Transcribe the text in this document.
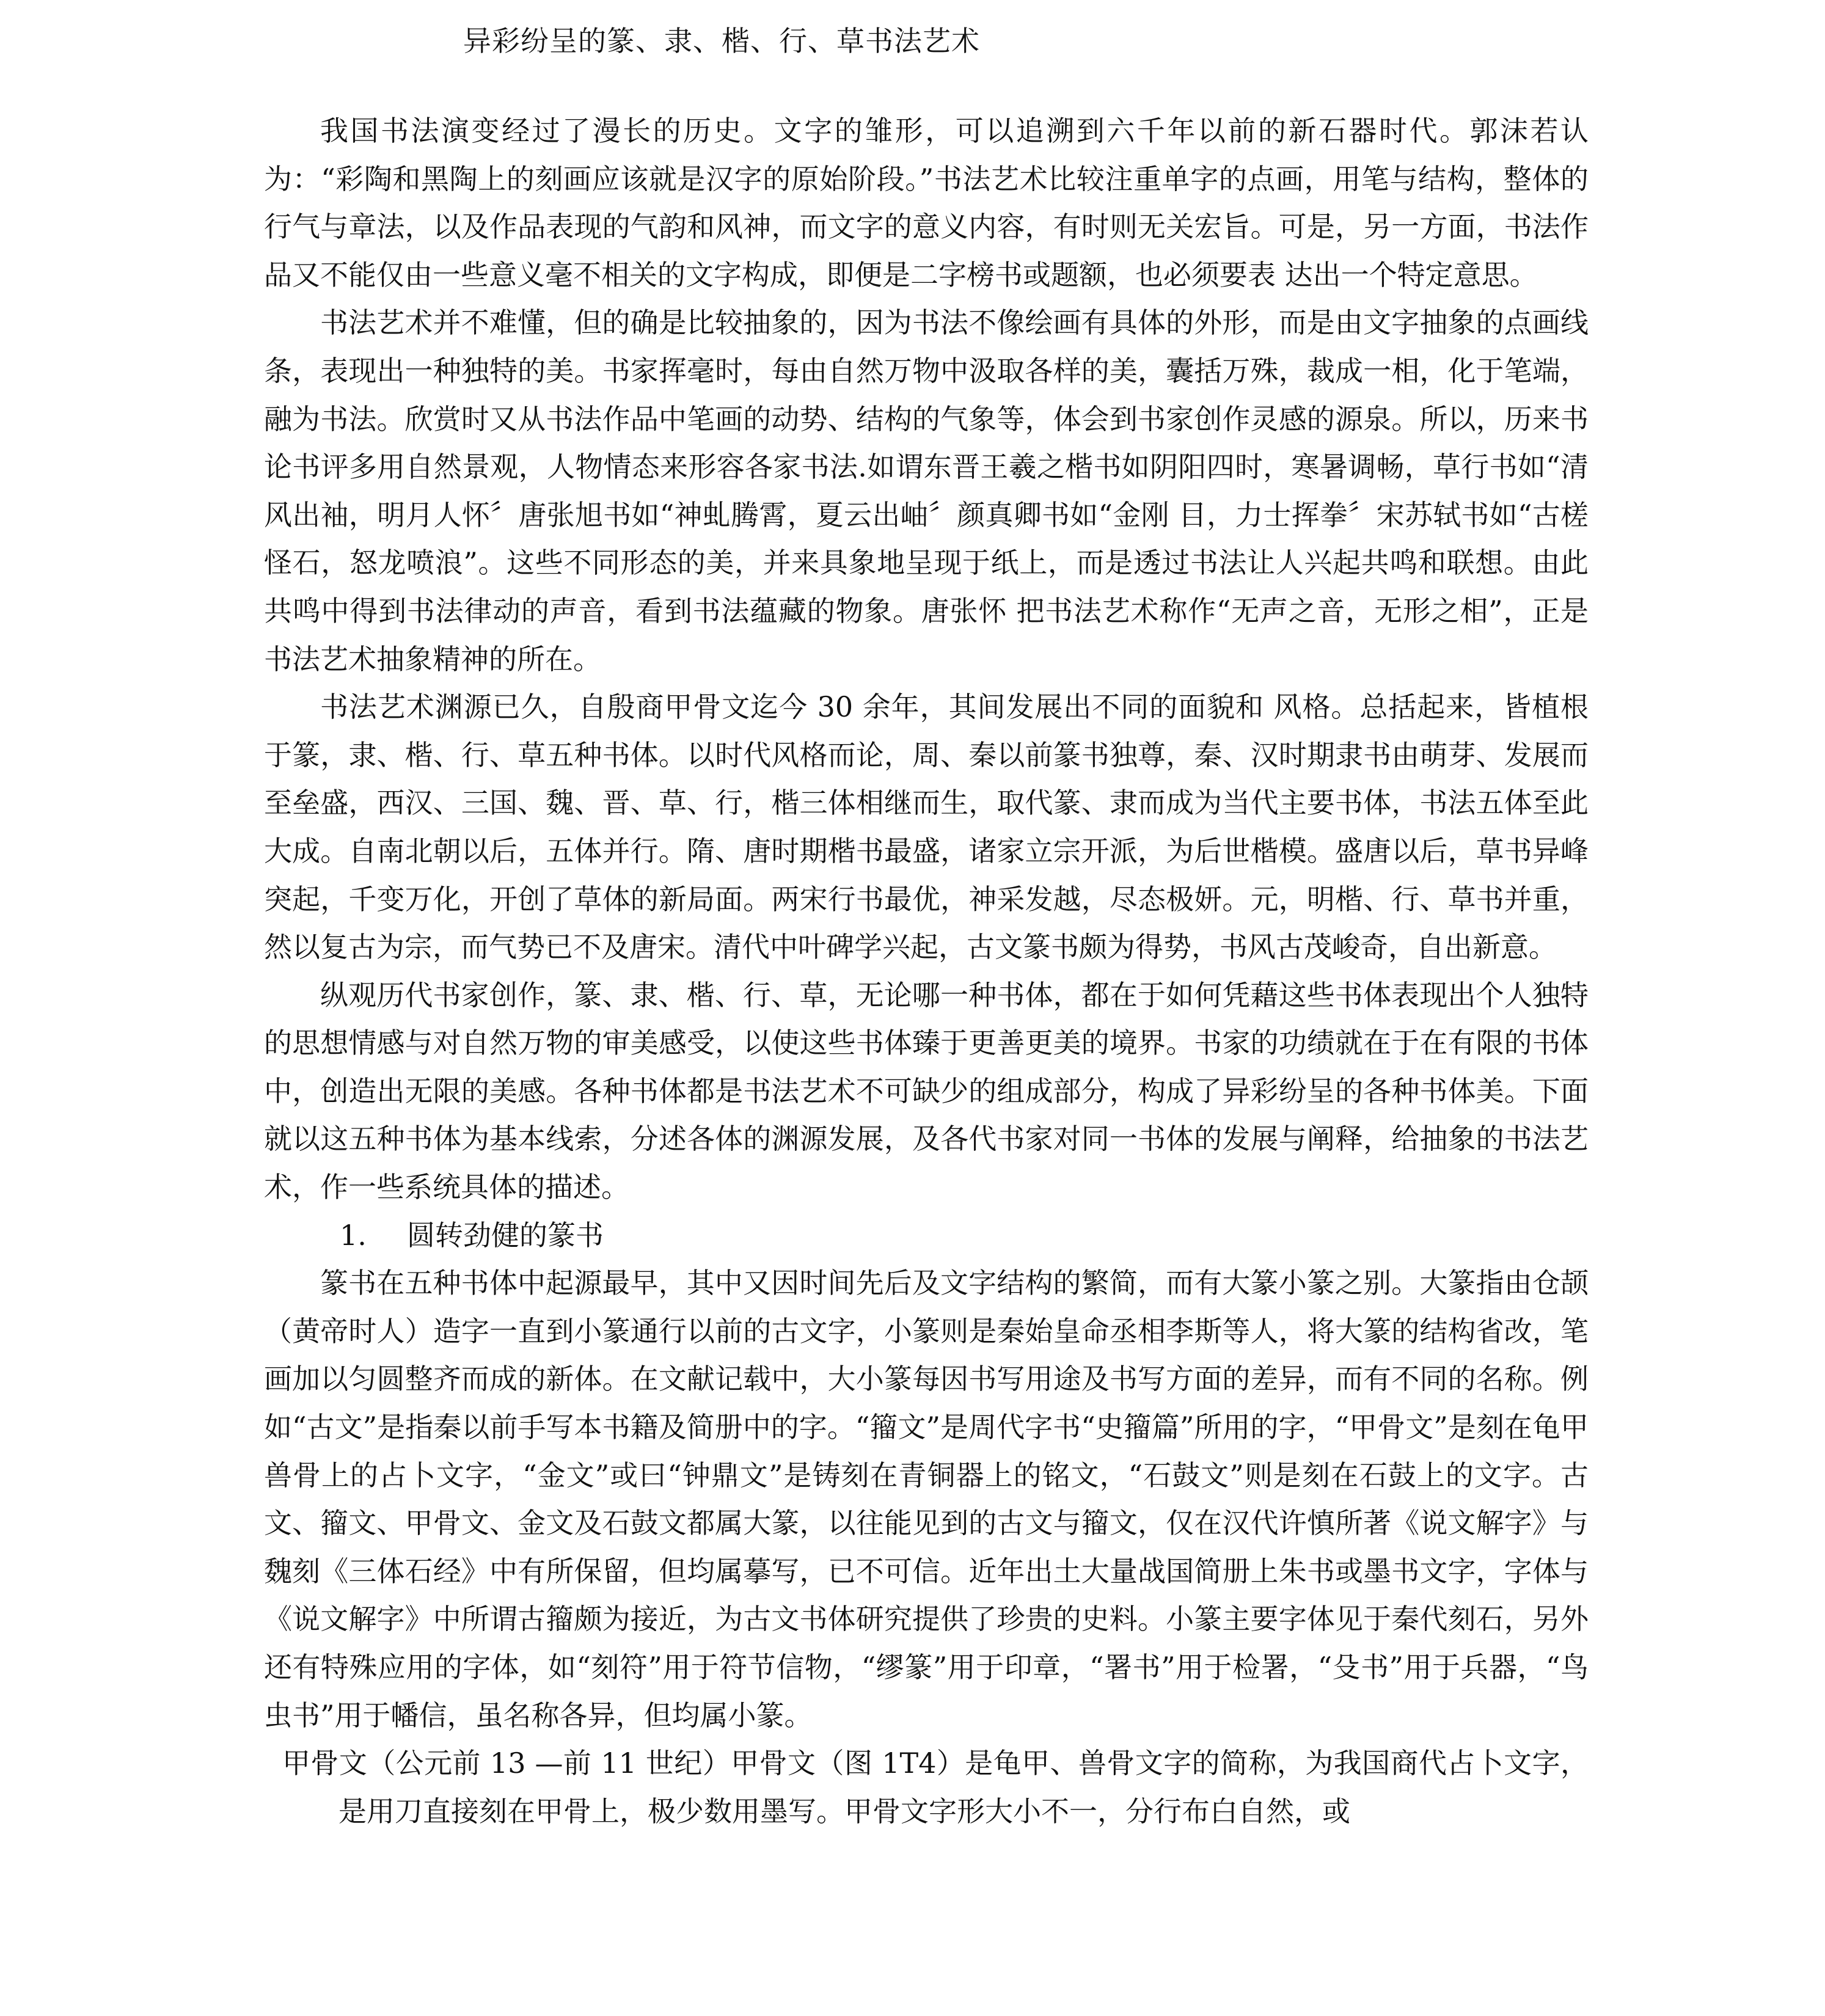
异彩纷呈的篆、隶、楷、行、草书法艺术

我国书法演变经过了漫长的历史。文字的雏形，可以追溯到六千年以前的新石器时代。郭沫若认为：“彩陶和黑陶上的刻画应该就是汉字的原始阶段。”书法艺术比较注重单字的点画，用笔与结构，整体的行气与章法，以及作品表现的气韵和风神，而文字的意义内容，有时则无关宏旨。可是，另一方面，书法作品又不能仅由一些意义毫不相关的文字构成，即便是二字榜书或题额，也必须要表 达出一个特定意思。

书法艺术并不难懂，但的确是比较抽象的，因为书法不像绘画有具体的外形，而是由文字抽象的点画线条，表现出一种独特的美。书家挥毫时，每由自然万物中汲取各样的美，囊括万殊，裁成一相，化于笔端，融为书法。欣赏时又从书法作品中笔画的动势、结构的气象等，体会到书家创作灵感的源泉。所以，历来书论书评多用自然景观，人物情态来形容各家书法.如谓东晋王羲之楷书如阴阳四时，寒暑调畅，草行书如“清风出袖，明月人怀〞唐张旭书如“神虬腾霄，夏云出岫〞颜真卿书如“金刚 目，力士挥拳〞宋苏轼书如“古槎怪石，怒龙喷浪”。这些不同形态的美，并来具象地呈现于纸上，而是透过书法让人兴起共鸣和联想。由此共鸣中得到书法律动的声音，看到书法蕴藏的物象。唐张怀 把书法艺术称作“无声之音，无形之相”，正是书法艺术抽象精神的所在。

书法艺术渊源已久，自殷商甲骨文迄今 30 余年，其间发展出不同的面貌和 风格。总括起来，皆植根于篆，隶、楷、行、草五种书体。以时代风格而论，周、秦以前篆书独尊，秦、汉时期隶书由萌芽、发展而至垒盛，西汉、三国、魏、晋、草、行，楷三体相继而生，取代篆、隶而成为当代主要书体，书法五体至此大成。自南北朝以后，五体并行。隋、唐时期楷书最盛，诸家立宗开派，为后世楷模。盛唐以后，草书异峰突起，千变万化，开创了草体的新局面。两宋行书最优，神采发越，尽态极妍。元，明楷、行、草书并重，然以复古为宗，而气势已不及唐宋。清代中叶碑学兴起，古文篆书颇为得势，书风古茂峻奇，自出新意。

纵观历代书家创作，篆、隶、楷、行、草，无论哪一种书体，都在于如何凭藉这些书体表现出个人独特的思想情感与对自然万物的审美感受，以使这些书体臻于更善更美的境界。书家的功绩就在于在有限的书体中，创造出无限的美感。各种书体都是书法艺术不可缺少的组成部分，构成了异彩纷呈的各种书体美。下面就以这五种书体为基本线索，分述各体的渊源发展，及各代书家对同一书体的发展与阐释，给抽象的书法艺术，作一些系统具体的描述。

1. 圆转劲健的篆书

篆书在五种书体中起源最早，其中又因时间先后及文字结构的繁简，而有大篆小篆之别。大篆指由仓颉（黄帝时人）造字一直到小篆通行以前的古文字，小篆则是秦始皇命丞相李斯等人，将大篆的结构省改，笔画加以匀圆整齐而成的新体。在文献记载中，大小篆每因书写用途及书写方面的差异，而有不同的名称。例如“古文”是指秦以前手写本书籍及简册中的字。“籀文”是周代字书“史籀篇”所用的字，“甲骨文”是刻在龟甲兽骨上的占卜文字，“金文”或曰“钟鼎文”是铸刻在青铜器上的铭文，“石鼓文”则是刻在石鼓上的文字。古文、籀文、甲骨文、金文及石鼓文都属大篆，以往能见到的古文与籀文，仅在汉代许慎所著《说文解字》与魏刻《三体石经》中有所保留，但均属摹写，已不可信。近年出土大量战国简册上朱书或墨书文字，字体与《说文解字》中所谓古籀颇为接近，为古文书体研究提供了珍贵的史料。小篆主要字体见于秦代刻石，另外还有特殊应用的字体，如“刻符”用于符节信物，“缪篆”用于印章，“署书”用于检署，“殳书”用于兵器，“鸟虫书”用于幡信，虽名称各异，但均属小篆。

甲骨文（公元前 13 —前 11 世纪）甲骨文（图 1T4）是龟甲、兽骨文字的简称，为我国商代占卜文字，是用刀直接刻在甲骨上，极少数用墨写。甲骨文字形大小不一，分行布白自然，或
